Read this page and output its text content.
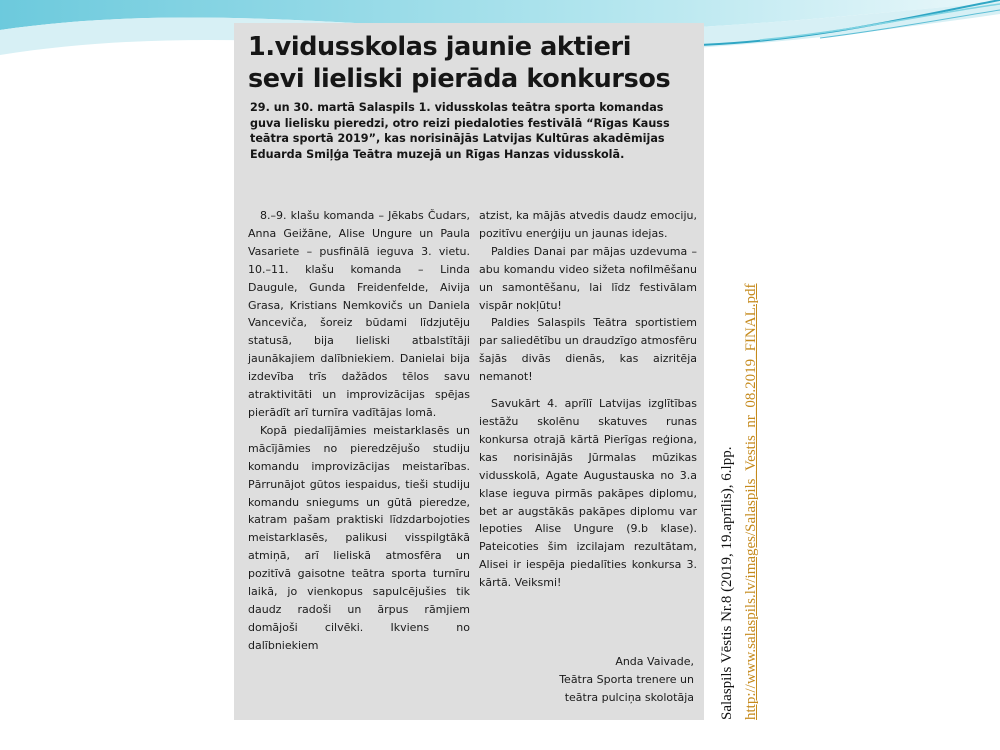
1.vidusskolas jaunie aktieri
sevi lieliski pierāda konkursos

29. un 30. martā Salaspils 1. vidusskolas teātra sporta komandas guva lielisku pieredzi, otro reizi piedaloties festivālā “Rīgas Kauss teātra sportā 2019”, kas norisinājās Latvijas Kultūras akadēmijas Eduarda Smiļģa Teātra muzejā un Rīgas Hanzas vidusskolā.

8.–9. klašu komanda – Jēkabs Čudars, Anna Geižāne, Alise Ungure un Paula Vasariete – pusfinālā ieguva 3. vietu. 10.–11. klašu komanda – Linda Daugule, Gunda Freidenfelde, Aivija Grasa, Kristians Nemkovičs un Daniela Vancevičа, šoreiz būdami līdzjutēju statusā, bija lieliski atbalstītāji jaunākajiem dalībniekiem. Danielai bija izdevība trīs dažādos tēlos savu atraktivitāti un improvizācijas spējas pierādīt arī turnīra vadītājas lomā.

Kopā piedalījāmies meistarklasēs un mācījāmies no pieredzējušo studiju komandu improvizācijas meistarības. Pārrunājot gūtos iespaidus, tieši studiju komandu sniegums un gūtā pieredze, katram pašam praktiski līdzdarbojoties meistarklasēs, palikusi visspilgtākā atmiņā, arī lieliskā atmosfēra un pozitīvā gaisotne teātra sporta turnīru laikā, jo vienkopus sapulcējušies tik daudz radoši un ārpus rāmjiem domājoši cilvēki. Ikviens no dalībniekiem

atzist, ka mājās atvedis daudz emociju, pozitīvu enerģiju un jaunas idejas.

Paldies Danai par mājas uzdevuma – abu komandu video sižeta nofilmēšanu un samontēšanu, lai līdz festivālam vispār nokļūtu!

Paldies Salaspils Teātra sportistiem par saliedētību un draudzīgo atmosfēru šajās divās dienās, kas aizritēja nemanot!

Savukārt 4. aprīlī Latvijas izglītības iestāžu skolēnu skatuves runas konkursa otrajā kārtā Pierīgas reģiona, kas norisinājās Jūrmalas mūzikas vidusskolā, Agate Augustauska no 3.a klase ieguva pirmās pakāpes diplomu, bet ar augstākās pakāpes diplomu var lepoties Alise Ungure (9.b klase). Pateicoties šim izcilajam rezultātam, Alisei ir iespēja piedalīties konkursa 3. kārtā. Veiksmi!

Anda Vaivade,
Teātra Sporta trenere un
teātra pulciņa skolotāja Salaspils Vēstis Nr.8 (2019, 19.aprīlis), 6.lpp. http://www.salaspils.lv/images/Salaspils_Vestis_nr_08.2019_FINAL.pdf
